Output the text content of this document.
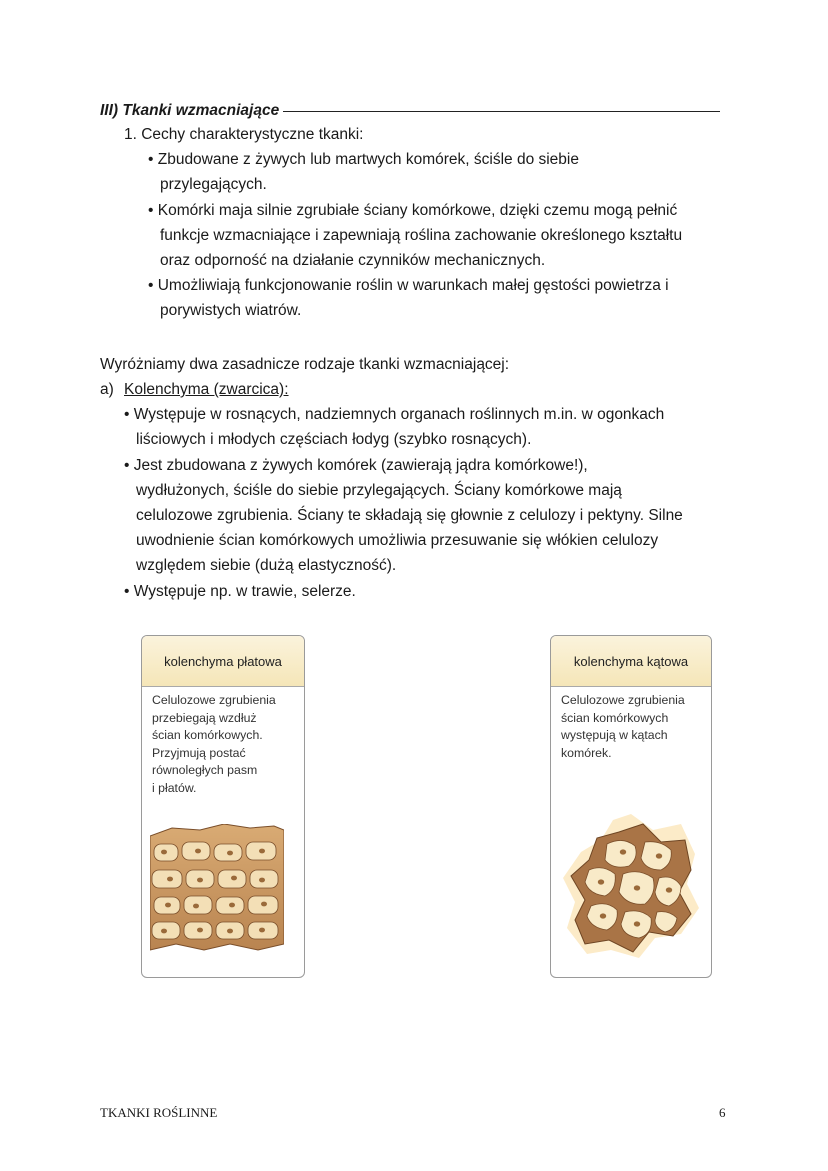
III) Tkanki wzmacniające
1. Cechy charakterystyczne tkanki:
• Zbudowane z żywych lub martwych komórek, ściśle do siebie
przylegających.
• Komórki maja silnie zgrubiałe ściany komórkowe, dzięki czemu mogą pełnić
funkcje wzmacniające i zapewniają roślina zachowanie określonego kształtu
oraz odporność na działanie czynników mechanicznych.
• Umożliwiają funkcjonowanie roślin w warunkach małej gęstości powietrza i
porywistych wiatrów.
Wyróżniamy dwa zasadnicze rodzaje tkanki wzmacniającej:
a) Kolenchyma (zwarcica):
• Występuje w rosnących, nadziemnych organach roślinnych m.in. w ogonkach
liściowych i młodych częściach łodyg (szybko rosnących).
• Jest zbudowana z żywych komórek (zawierają jądra komórkowe!),
wydłużonych, ściśle do siebie przylegających. Ściany komórkowe mają
celulozowe zgrubienia. Ściany te składają się głownie z celulozy i pektyny. Silne
uwodnienie ścian komórkowych umożliwia przesuwanie się włókien celulozy
względem siebie (dużą elastyczność).
• Występuje np. w trawie, selerze.
kolenchyma płatowa
Celulozowe zgrubienia
przebiegają wzdłuż
ścian komórkowych.
Przyjmują postać
równoległych pasm
i płatów.
kolenchyma kątowa
Celulozowe zgrubienia
ścian komórkowych
występują w kątach
komórek.
TKANKI ROŚLINNE	6
